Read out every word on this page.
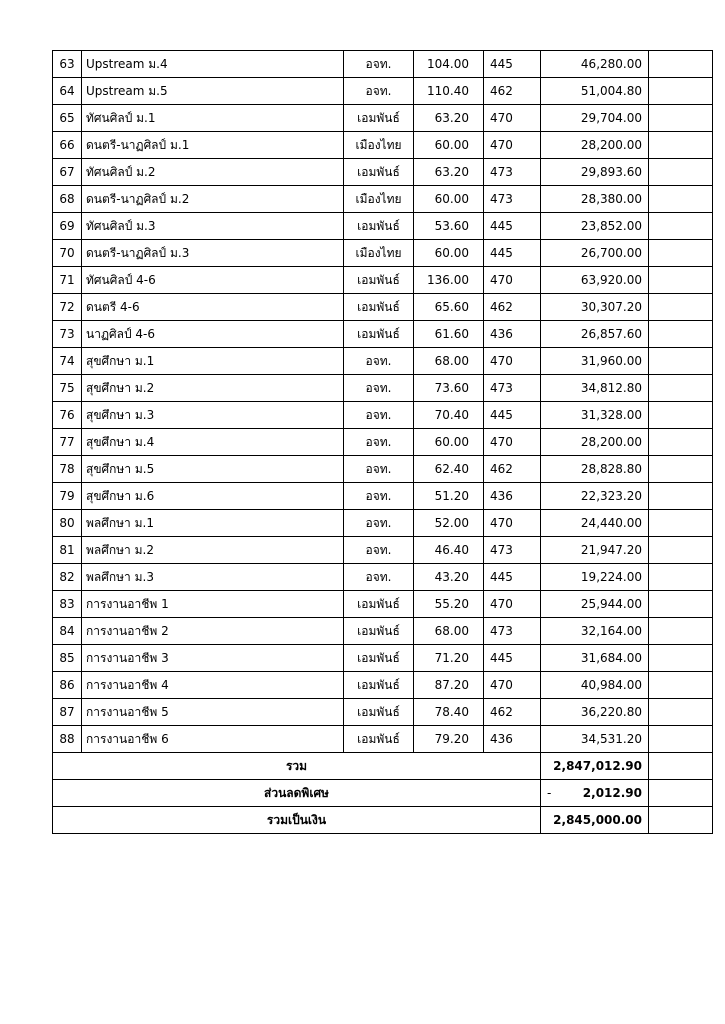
63	Upstream ม.4	อจท.	104.00	445	46,280.00	
64	Upstream ม.5	อจท.	110.40	462	51,004.80	
65	ทัศนศิลป์ ม.1	เอมพันธ์	63.20	470	29,704.00	
66	ดนตรี-นาฏศิลป์ ม.1	เมืองไทย	60.00	470	28,200.00	
67	ทัศนศิลป์ ม.2	เอมพันธ์	63.20	473	29,893.60	
68	ดนตรี-นาฏศิลป์ ม.2	เมืองไทย	60.00	473	28,380.00	
69	ทัศนศิลป์ ม.3	เอมพันธ์	53.60	445	23,852.00	
70	ดนตรี-นาฏศิลป์ ม.3	เมืองไทย	60.00	445	26,700.00	
71	ทัศนศิลป์ 4-6	เอมพันธ์	136.00	470	63,920.00	
72	ดนตรี 4-6	เอมพันธ์	65.60	462	30,307.20	
73	นาฏศิลป์ 4-6	เอมพันธ์	61.60	436	26,857.60	
74	สุขศึกษา ม.1	อจท.	68.00	470	31,960.00	
75	สุขศึกษา ม.2	อจท.	73.60	473	34,812.80	
76	สุขศึกษา ม.3	อจท.	70.40	445	31,328.00	
77	สุขศึกษา ม.4	อจท.	60.00	470	28,200.00	
78	สุขศึกษา ม.5	อจท.	62.40	462	28,828.80	
79	สุขศึกษา ม.6	อจท.	51.20	436	22,323.20	
80	พลศึกษา ม.1	อจท.	52.00	470	24,440.00	
81	พลศึกษา ม.2	อจท.	46.40	473	21,947.20	
82	พลศึกษา ม.3	อจท.	43.20	445	19,224.00	
83	การงานอาชีพ 1	เอมพันธ์	55.20	470	25,944.00	
84	การงานอาชีพ 2	เอมพันธ์	68.00	473	32,164.00	
85	การงานอาชีพ 3	เอมพันธ์	71.20	445	31,684.00	
86	การงานอาชีพ 4	เอมพันธ์	87.20	470	40,984.00	
87	การงานอาชีพ 5	เอมพันธ์	78.40	462	36,220.80	
88	การงานอาชีพ 6	เอมพันธ์	79.20	436	34,531.20	
รวม					2,847,012.90	
ส่วนลดพิเศษ					- 2,012.90	
รวมเป็นเงิน					2,845,000.00	
